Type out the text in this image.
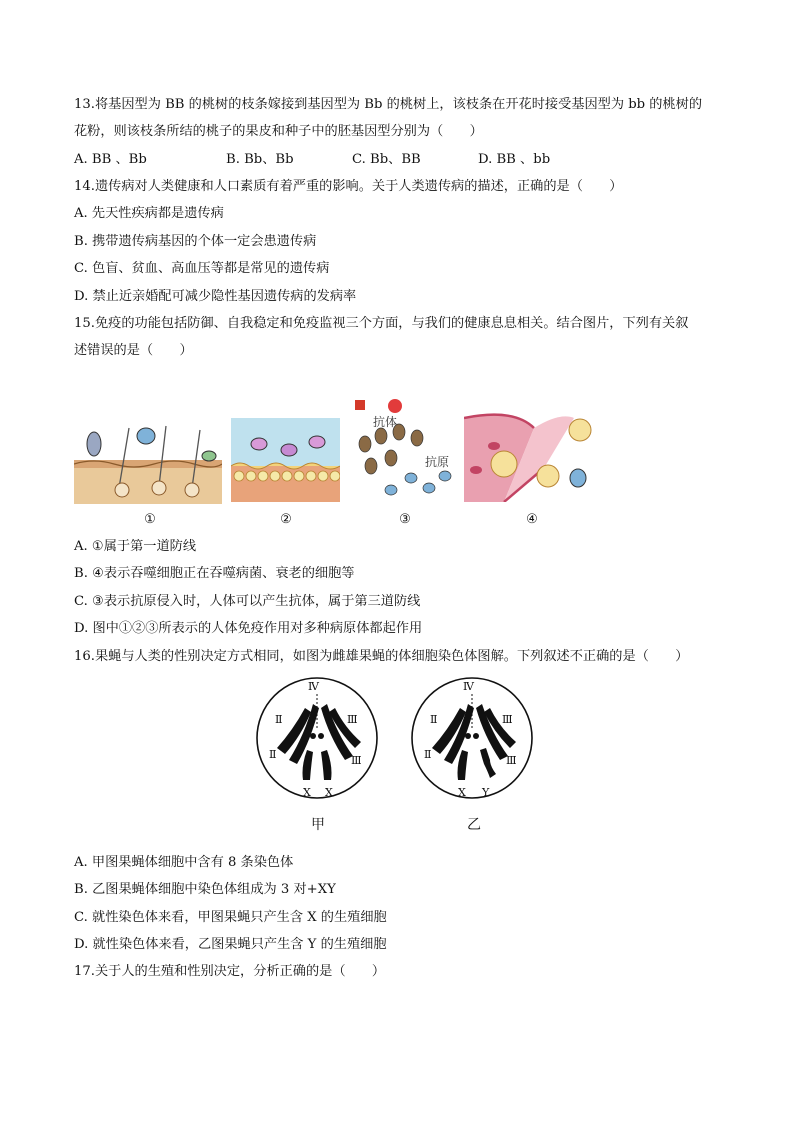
13.将基因型为 BB 的桃树的枝条嫁接到基因型为 Bb 的桃树上，该枝条在开花时接受基因型为 bb 的桃树的
花粉，则该枝条所结的桃子的果皮和种子中的胚基因型分别为（　　）
A. BB 、Bb	B. Bb、Bb	C. Bb、BB	D. BB 、bb
14.遗传病对人类健康和人口素质有着严重的影响。关于人类遗传病的描述，正确的是（　　）
A. 先天性疾病都是遗传病
B. 携带遗传病基因的个体一定会患遗传病
C. 色盲、贫血、高血压等都是常见的遗传病
D. 禁止近亲婚配可减少隐性基因遗传病的发病率
15.免疫的功能包括防御、自我稳定和免疫监视三个方面，与我们的健康息息相关。结合图片，下列有关叙
述错误的是（　　）
抗体
抗原
①	②	③	④
A. ①属于第一道防线
B. ④表示吞噬细胞正在吞噬病菌、衰老的细胞等
C. ③表示抗原侵入时，人体可以产生抗体，属于第三道防线
D. 图中①②③所表示的人体免疫作用对多种病原体都起作用
16.果蝇与人类的性别决定方式相同，如图为雌雄果蝇的体细胞染色体图解。下列叙述不正确的是（　　）
Ⅳ
Ⅱ	Ⅲ
Ⅱ	Ⅲ
X X
Ⅳ
Ⅱ	Ⅲ
Ⅱ	Ⅲ
X Y
甲	乙
A. 甲图果蝇体细胞中含有 8 条染色体
B. 乙图果蝇体细胞中染色体组成为 3 对+XY
C. 就性染色体来看，甲图果蝇只产生含 X 的生殖细胞
D. 就性染色体来看，乙图果蝇只产生含 Y 的生殖细胞
17.关于人的生殖和性别决定，分析正确的是（　　）
